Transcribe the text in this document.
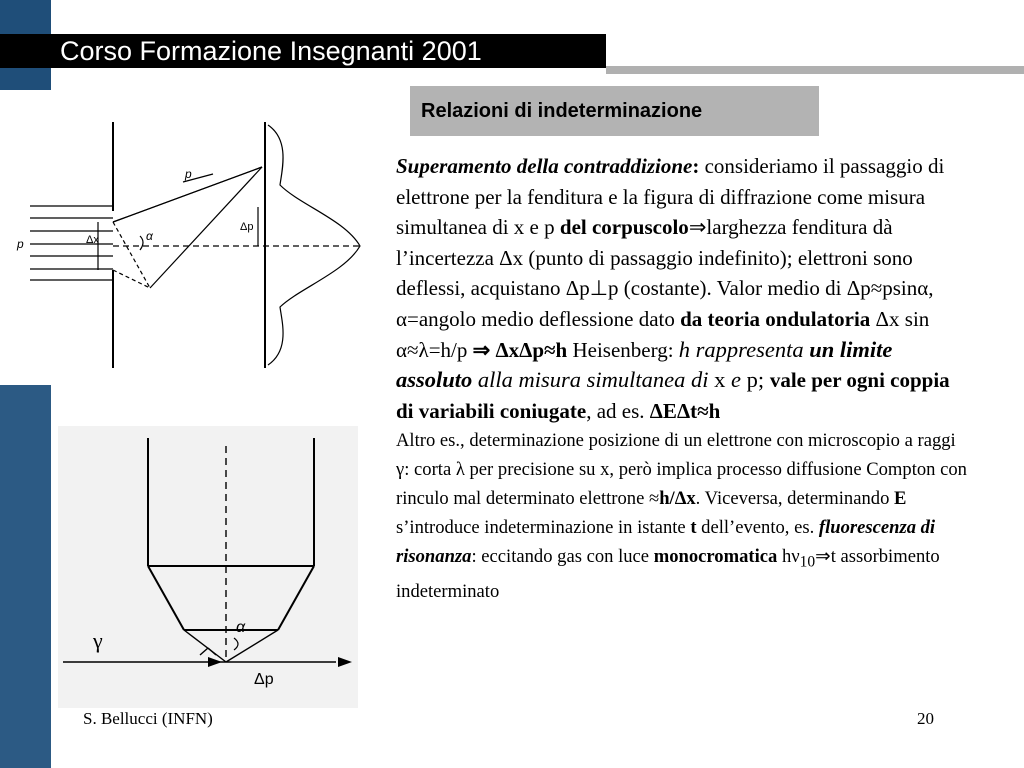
Corso Formazione Insegnanti 2001
Relazioni di indeterminazione
p
p	Δx	α
Δp
γ
α
Δp

Superamento della contraddizione: consideriamo il passaggio di elettrone per la fenditura e la figura di diffrazione come misura simultanea di x e p del corpuscolo⇒larghezza fenditura dà l’incertezza Δx (punto di passaggio indefinito); elettroni sono deflessi, acquistano Δp⊥p (costante). Valor medio di Δp≈psinα, α=angolo medio deflessione dato da teoria ondulatoria Δx sin α≈λ=h/p ⇒ ΔxΔp≈h Heisenberg: h rappresenta un limite assoluto alla misura simultanea di x e p; vale per ogni coppia di variabili coniugate, ad es. ΔEΔt≈h

Altro es., determinazione posizione di un elettrone con microscopio a raggi γ: corta λ per precisione su x, però implica processo diffusione Compton con rinculo mal determinato elettrone ≈h/Δx. Viceversa, determinando E s’introduce indeterminazione in istante t dell’evento, es. fluorescenza di risonanza: eccitando gas con luce monocromatica $h\nu_{10}\Rightarrow t$ assorbimento indeterminato

S. Bellucci (INFN)	20
